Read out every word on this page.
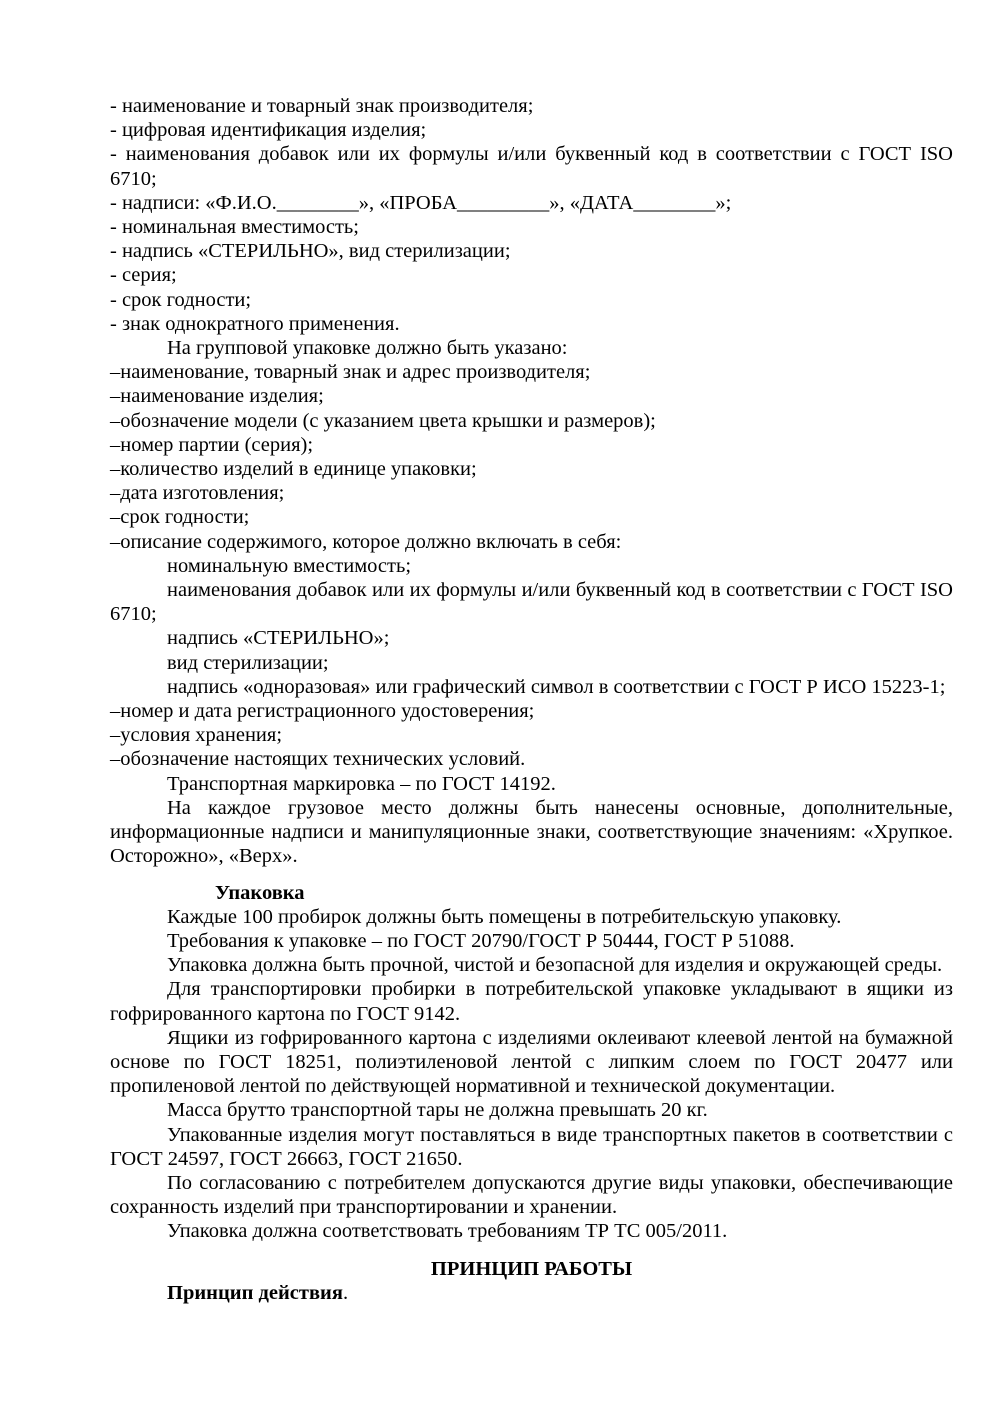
- наименование и товарный знак производителя;
- цифровая идентификация изделия;
- наименования добавок или их формулы и/или буквенный код в соответствии с ГОСТ ISO 6710;
- надписи: «Ф.И.О.________», «ПРОБА_________», «ДАТА________»;
- номинальная вместимость;
- надпись «СТЕРИЛЬНО», вид стерилизации;
- серия;
- срок годности;
- знак однократного применения.
На групповой упаковке должно быть указано:
–наименование, товарный знак и адрес производителя;
–наименование изделия;
–обозначение модели (с указанием цвета крышки и размеров);
–номер партии (серия);
–количество изделий в единице упаковки;
–дата изготовления;
–срок годности;
–описание содержимого, которое должно включать в себя:
номинальную вместимость;
наименования добавок или их формулы и/или буквенный код в соответствии с ГОСТ ISO 6710;
надпись «СТЕРИЛЬНО»;
вид стерилизации;
надпись «одноразовая» или графический символ в соответствии с ГОСТ Р ИСО 15223-1;
–номер и дата регистрационного удостоверения;
–условия хранения;
–обозначение настоящих технических условий.
Транспортная маркировка – по ГОСТ 14192.
На каждое грузовое место должны быть нанесены основные, дополнительные, информационные надписи и манипуляционные знаки, соответствующие значениям: «Хрупкое. Осторожно», «Верх».
Упаковка
Каждые 100 пробирок должны быть помещены в потребительскую упаковку.
Требования к упаковке – по ГОСТ 20790/ГОСТ Р 50444, ГОСТ Р 51088.
Упаковка должна быть прочной, чистой и безопасной для изделия и окружающей среды.
Для транспортировки пробирки в потребительской упаковке укладывают в ящики из гофрированного картона по ГОСТ 9142.
Ящики из гофрированного картона с изделиями оклеивают клеевой лентой на бумажной основе по ГОСТ 18251, полиэтиленовой лентой с липким слоем по ГОСТ 20477 или пропиленовой лентой по действующей нормативной и технической документации.
Масса брутто транспортной тары не должна превышать 20 кг.
Упакованные изделия могут поставляться в виде транспортных пакетов в соответствии с ГОСТ 24597, ГОСТ 26663, ГОСТ 21650.
По согласованию с потребителем допускаются другие виды упаковки, обеспечивающие сохранность изделий при транспортировании и хранении.
Упаковка должна соответствовать требованиям ТР ТС 005/2011.
ПРИНЦИП РАБОТЫ
Принцип действия.
